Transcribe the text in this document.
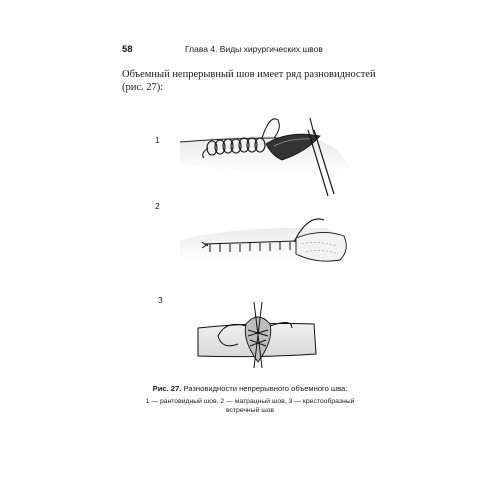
58	Глава 4. Виды хирургических швов
Объемный непрерывный шов имеет ряд разновидностей (рис. 27):
1
2
3
Рис. 27. Разновидности непрерывного объемного шва:
1 — рантовидный шов, 2 — матрацный шов, 3 — крестообразный встречный шов
